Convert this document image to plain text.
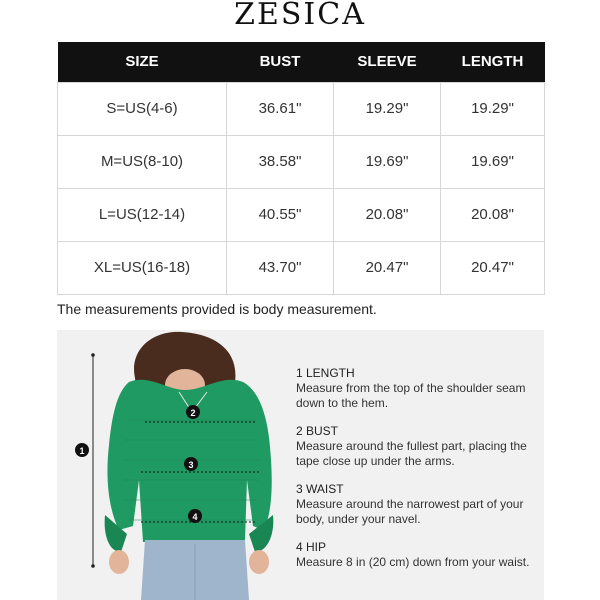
ZESICA
SIZE	BUST	SLEEVE	LENGTH
S=US(4-6)	36.61"	19.29"	19.29"
M=US(8-10)	38.58"	19.69"	19.69"
L=US(12-14)	40.55"	20.08"	20.08"
XL=US(16-18)	43.70"	20.47"	20.47"
The measurements provided is body measurement.
1
2
3
4
1 LENGTH
Measure from the top of the shoulder seam down to the hem.
2 BUST
Measure around the fullest part, placing the tape close up under the arms.
3 WAIST
Measure around the narrowest part of your body, under your navel.
4 HIP
Measure 8 in (20 cm) down from your waist.
